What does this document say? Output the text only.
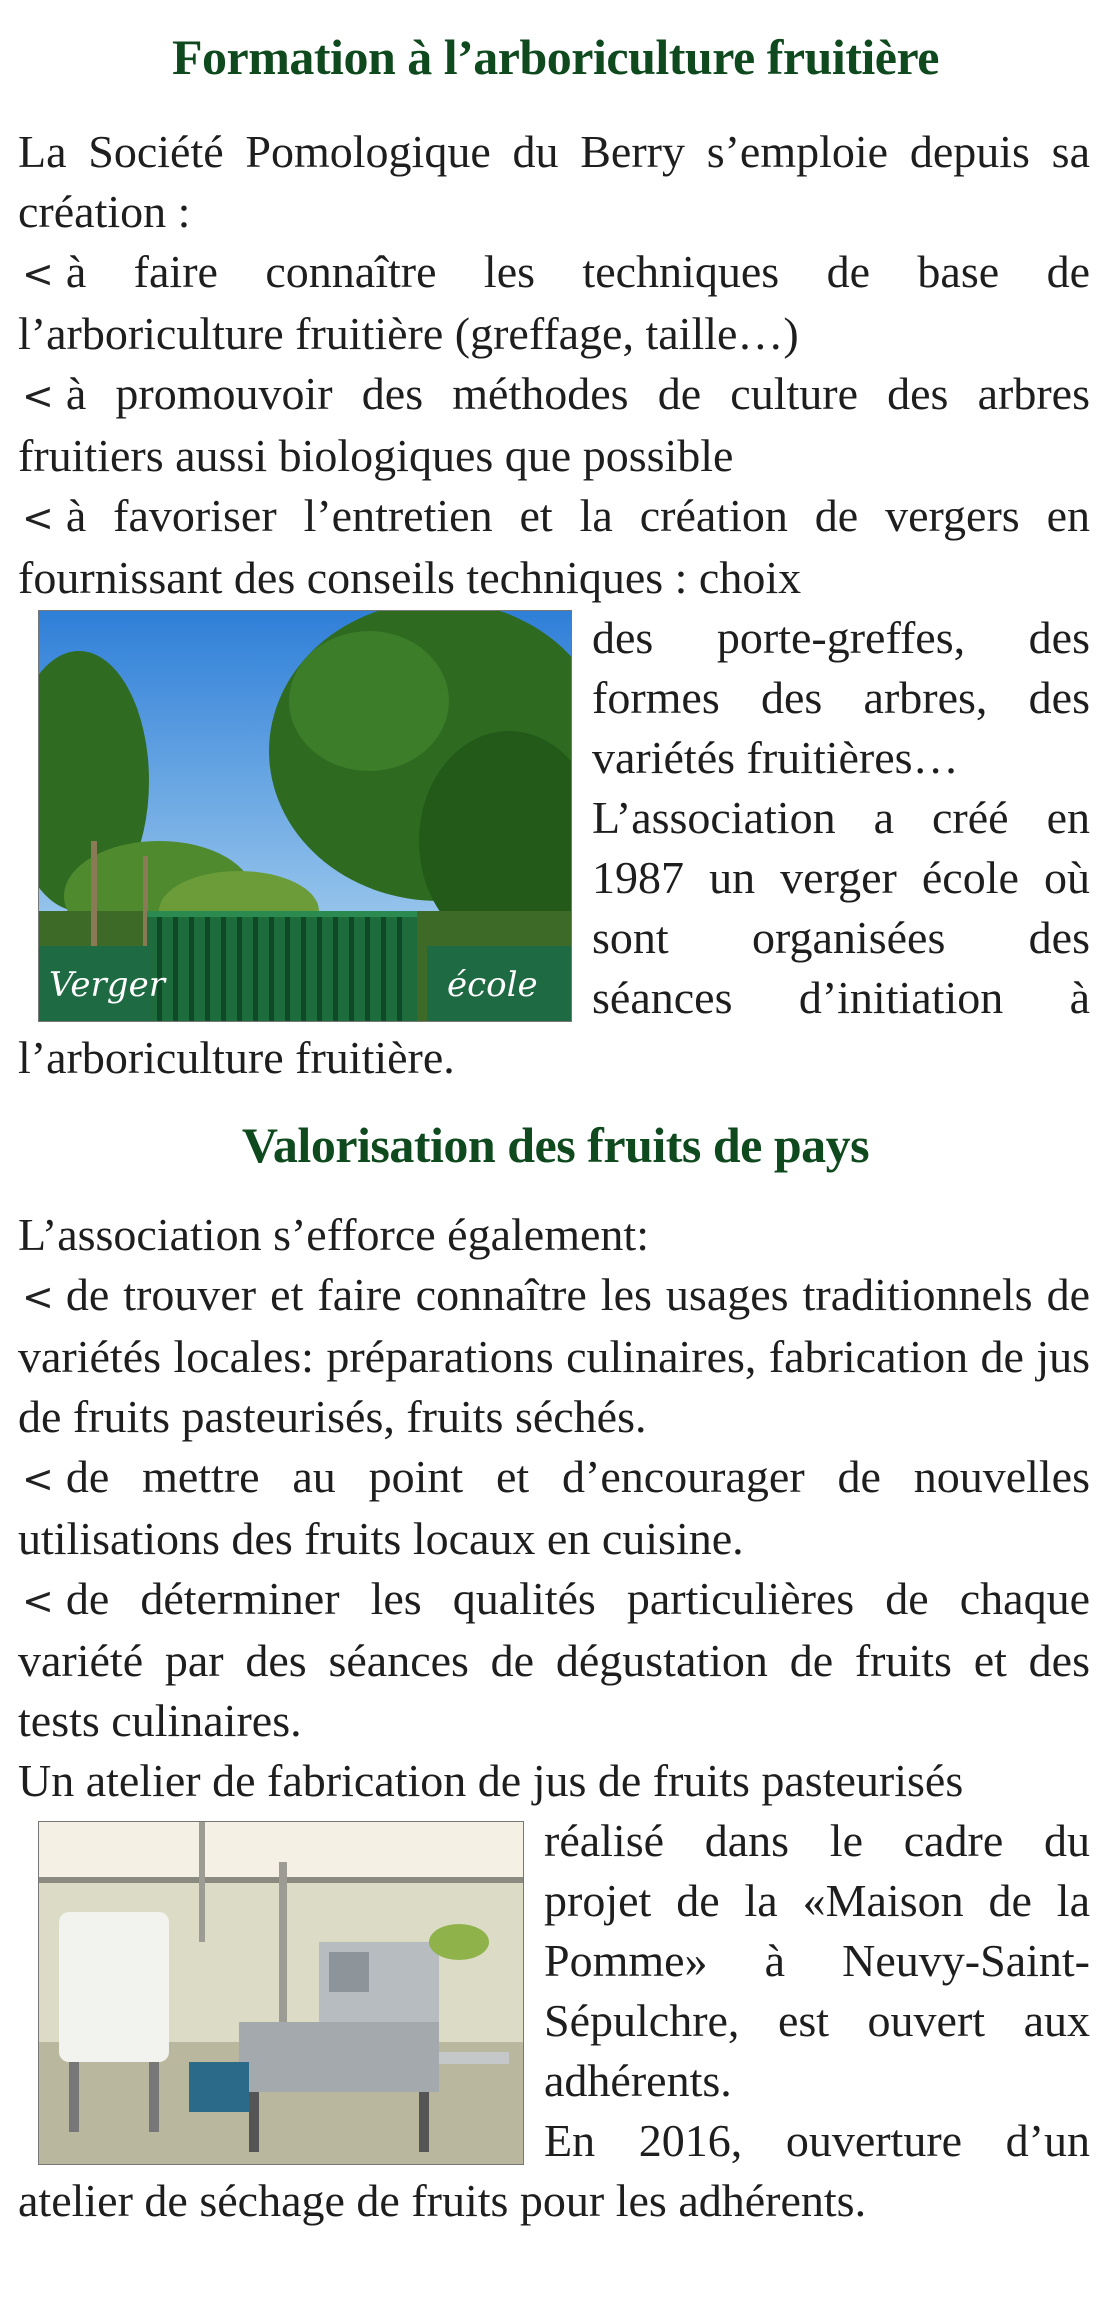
Formation à l’arboriculture fruitière

La Société Pomologique du Berry s’emploie depuis sa création :

< à faire connaître les techniques de base de l’arboriculture fruitière (greffage, taille…)

< à promouvoir des méthodes de culture des arbres fruitiers aussi biologiques que possible

< à favoriser l’entretien et la création de vergers en fournissant des conseils techniques : choix

Verger	école

des porte-greffes, des formes des arbres, des variétés fruitières…

L’association a créé en 1987 un verger école où sont organisées des séances d’initiation à l’arboriculture fruitière.

Valorisation des fruits de pays

L’association s’efforce également:

< de trouver et faire connaître les usages traditionnels de variétés locales: préparations culinaires, fabrication de jus de fruits pasteurisés, fruits séchés.

< de mettre au point et d’encourager de nouvelles utilisations des fruits locaux en cuisine.

< de déterminer les qualités particulières de chaque variété par des séances de dégustation de fruits et des tests culinaires.

Un atelier de fabrication de jus de fruits pasteurisés

réalisé dans le cadre du projet de la «Maison de la Pomme» à Neuvy-Saint-Sépulchre, est ouvert aux adhérents.

En 2016, ouverture d’un atelier de séchage de fruits pour les adhérents.
